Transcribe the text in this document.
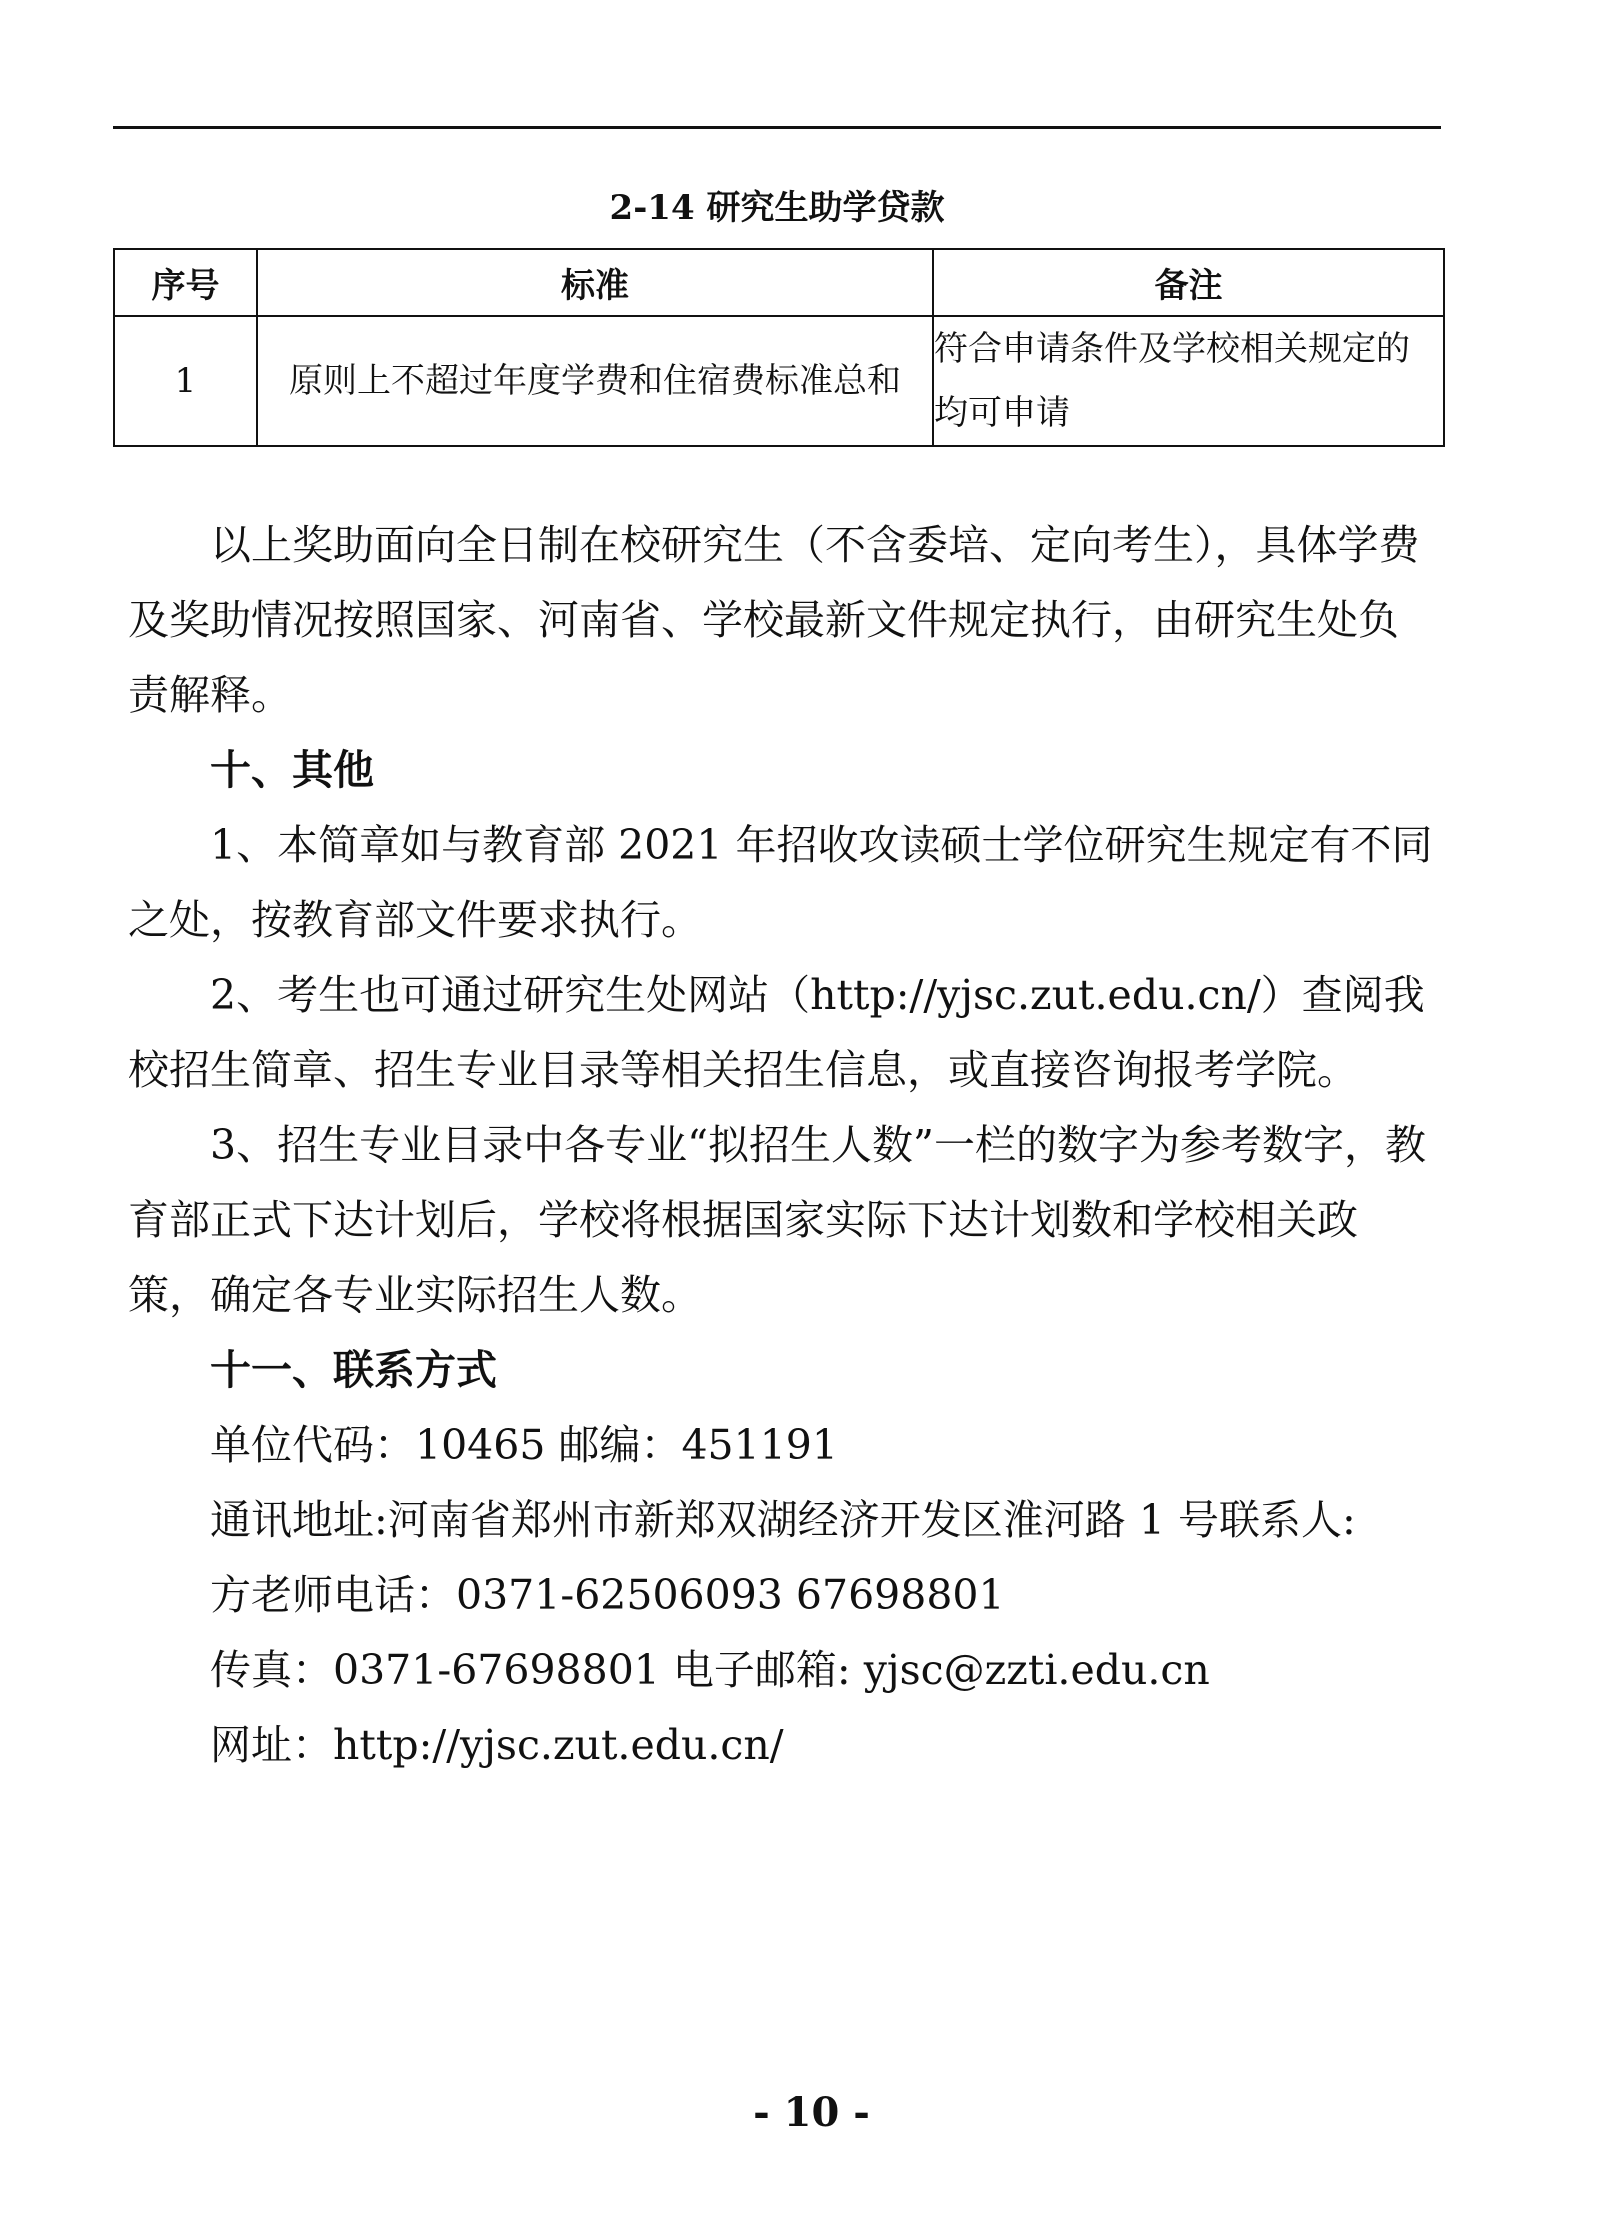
2-14 研究生助学贷款
序号	标准	备注
1	原则上不超过年度学费和住宿费标准总和	符合申请条件及学校相关规定的均可申请

以上奖助面向全日制在校研究生（不含委培、定向考生），具体学费及奖助情况按照国家、河南省、学校最新文件规定执行，由研究生处负责解释。

十、其他

1、本简章如与教育部 2021 年招收攻读硕士学位研究生规定有不同之处，按教育部文件要求执行。

2、考生也可通过研究生处网站（http://yjsc.zut.edu.cn/）查阅我校招生简章、招生专业目录等相关招生信息，或直接咨询报考学院。

3、招生专业目录中各专业“拟招生人数”一栏的数字为参考数字，教育部正式下达计划后，学校将根据国家实际下达计划数和学校相关政策，确定各专业实际招生人数。

十一、联系方式

单位代码：10465 邮编：451191

通讯地址:河南省郑州市新郑双湖经济开发区淮河路 1 号联系人:

方老师电话：0371-62506093 67698801

传真：0371-67698801 电子邮箱: yjsc@zzti.edu.cn

网址：http://yjsc.zut.edu.cn/

- 10 -
